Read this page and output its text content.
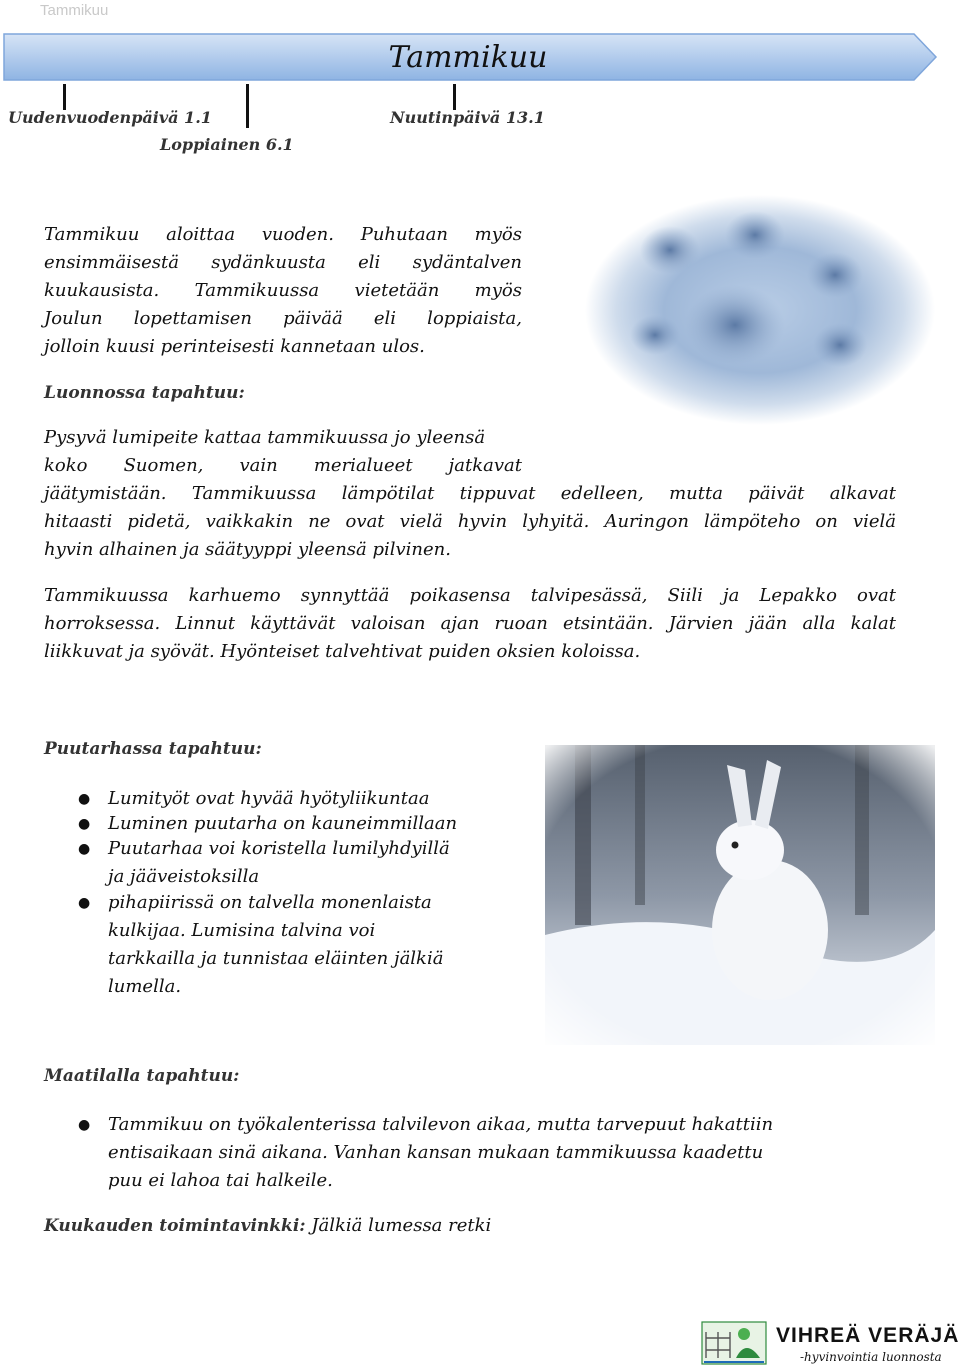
Tammikuu
Tammikuu
Uudenvuodenpäivä 1.1
Loppiainen 6.1
Nuutinpäivä 13.1

Tammikuu aloittaa vuoden. Puhutaan myös

ensimmäisestä sydänkuusta eli sydäntalven

kuukausista. Tammikuussa vietetään myös

Joulun lopettamisen päivää eli loppiaista,

jolloin kuusi perinteisesti kannetaan ulos.

Luonnossa tapahtuu:

Pysyvä lumipeite kattaa tammikuussa jo yleensä

koko Suomen, vain merialueet jatkavat

jäätymistään. Tammikuussa lämpötilat tippuvat edelleen, mutta päivät alkavat

hitaasti pidetä, vaikkakin ne ovat vielä hyvin lyhyitä. Auringon lämpöteho on vielä

hyvin alhainen ja säätyyppi yleensä pilvinen.

Tammikuussa karhuemo synnyttää poikasensa talvipesässä, Siili ja Lepakko ovat

horroksessa. Linnut käyttävät valoisan ajan ruoan etsintään. Järvien jään alla kalat

liikkuvat ja syövät. Hyönteiset talvehtivat puiden oksien koloissa.

Puutarhassa tapahtuu:
● Lumityöt ovat hyvää hyötyliikuntaa
● Luminen puutarha on kauneimmillaan
● Puutarhaa voi koristella lumilyhdyillä
ja jääveistoksilla
● pihapiirissä on talvella monenlaista
kulkijaa. Lumisina talvina voi
tarkkailla ja tunnistaa eläinten jälkiä
lumella.
Maatilalla tapahtuu:
● Tammikuu on työkalenterissa talvilevon aikaa, mutta tarvepuut hakattiin
entisaikaan sinä aikana. Vanhan kansan mukaan tammikuussa kaadettu
puu ei lahoa tai halkeile.
Kuukauden toimintavinkki: Jälkiä lumessa retki
VIHREÄ VERÄJÄ
-hyvinvointia luonnosta
